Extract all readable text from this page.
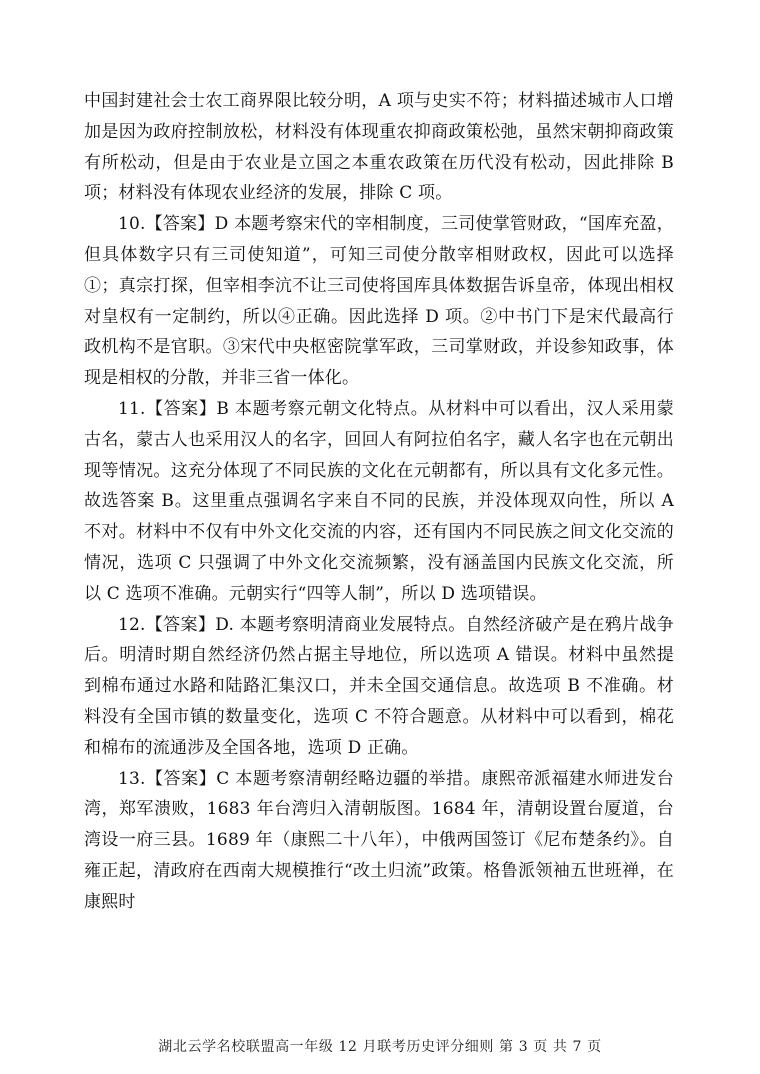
中国封建社会士农工商界限比较分明，A 项与史实不符；材料描述城市人口增加是因为政府控制放松，材料没有体现重农抑商政策松弛，虽然宋朝抑商政策有所松动，但是由于农业是立国之本重农政策在历代没有松动，因此排除 B 项；材料没有体现农业经济的发展，排除 C 项。

10.【答案】D 本题考察宋代的宰相制度，三司使掌管财政，“国库充盈，但具体数字只有三司使知道”，可知三司使分散宰相财政权，因此可以选择①；真宗打探，但宰相李沆不让三司使将国库具体数据告诉皇帝，体现出相权对皇权有一定制约，所以④正确。因此选择 D 项。②中书门下是宋代最高行政机构不是官职。③宋代中央枢密院掌军政，三司掌财政，并设参知政事，体现是相权的分散，并非三省一体化。

11.【答案】B 本题考察元朝文化特点。从材料中可以看出，汉人采用蒙古名，蒙古人也采用汉人的名字，回回人有阿拉伯名字，藏人名字也在元朝出现等情况。这充分体现了不同民族的文化在元朝都有，所以具有文化多元性。故选答案 B。这里重点强调名字来自不同的民族，并没体现双向性，所以 A 不对。材料中不仅有中外文化交流的内容，还有国内不同民族之间文化交流的情况，选项 C 只强调了中外文化交流频繁，没有涵盖国内民族文化交流，所以 C 选项不准确。元朝实行“四等人制”，所以 D 选项错误。

12.【答案】D. 本题考察明清商业发展特点。自然经济破产是在鸦片战争后。明清时期自然经济仍然占据主导地位，所以选项 A 错误。材料中虽然提到棉布通过水路和陆路汇集汉口，并未全国交通信息。故选项 B 不准确。材料没有全国市镇的数量变化，选项 C 不符合题意。从材料中可以看到，棉花和棉布的流通涉及全国各地，选项 D 正确。

13.【答案】C 本题考察清朝经略边疆的举措。康熙帝派福建水师进发台湾，郑军溃败，1683 年台湾归入清朝版图。1684 年，清朝设置台厦道，台湾设一府三县。1689 年（康熙二十八年），中俄两国签订《尼布楚条约》。自雍正起，清政府在西南大规模推行“改土归流”政策。格鲁派领袖五世班禅，在康熙时

湖北云学名校联盟高一年级 12 月联考历史评分细则 第 3 页 共 7 页
